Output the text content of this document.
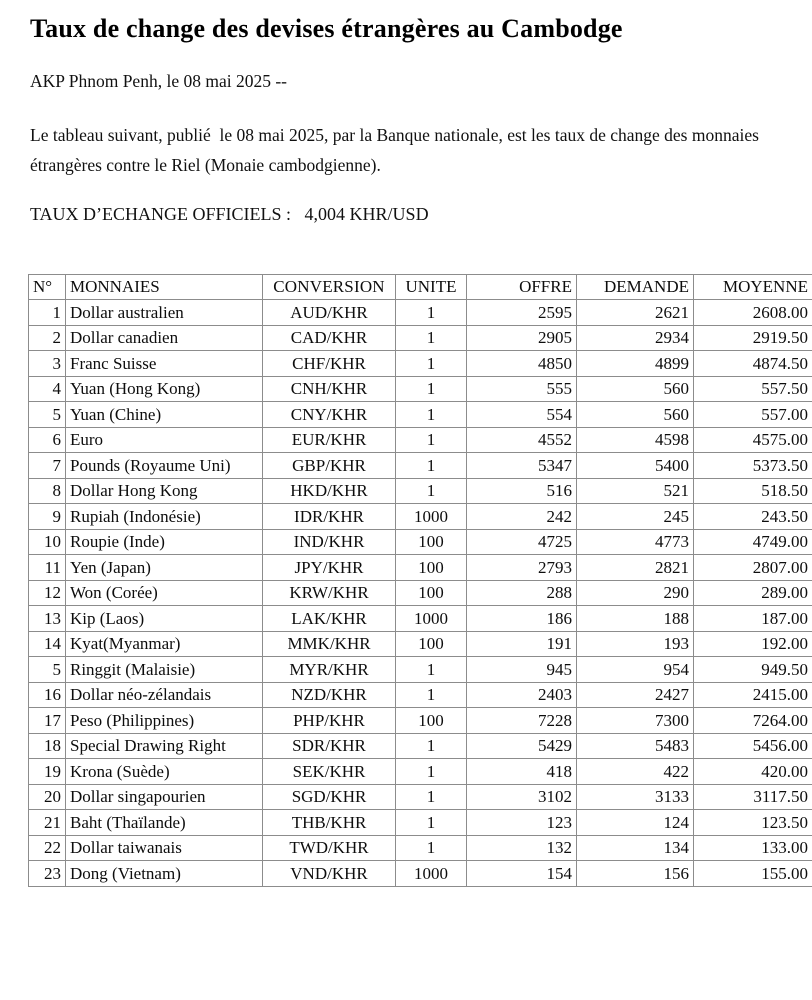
Taux de change des devises étrangères au Cambodge

AKP Phnom Penh, le 08 mai 2025 --

Le tableau suivant, publié  le 08 mai 2025, par la Banque nationale, est les taux de change des monnaies étrangères contre le Riel (Monaie cambodgienne).

TAUX D’ECHANGE OFFICIELS :   4,004 KHR/USD

N°	MONNAIES	CONVERSION	UNITE	OFFRE	DEMANDE	MOYENNE
1	Dollar australien	AUD/KHR	1	2595	2621	2608.00
2	Dollar canadien	CAD/KHR	1	2905	2934	2919.50
3	Franc Suisse	CHF/KHR	1	4850	4899	4874.50
4	Yuan (Hong Kong)	CNH/KHR	1	555	560	557.50
5	Yuan (Chine)	CNY/KHR	1	554	560	557.00
6	Euro	EUR/KHR	1	4552	4598	4575.00
7	Pounds (Royaume Uni)	GBP/KHR	1	5347	5400	5373.50
8	Dollar Hong Kong	HKD/KHR	1	516	521	518.50
9	Rupiah (Indonésie)	IDR/KHR	1000	242	245	243.50
10	Roupie (Inde)	IND/KHR	100	4725	4773	4749.00
11	Yen (Japan)	JPY/KHR	100	2793	2821	2807.00
12	Won (Corée)	KRW/KHR	100	288	290	289.00
13	Kip (Laos)	LAK/KHR	1000	186	188	187.00
14	Kyat(Myanmar)	MMK/KHR	100	191	193	192.00
5	Ringgit (Malaisie)	MYR/KHR	1	945	954	949.50
16	Dollar néo-zélandais	NZD/KHR	1	2403	2427	2415.00
17	Peso (Philippines)	PHP/KHR	100	7228	7300	7264.00
18	Special Drawing Right	SDR/KHR	1	5429	5483	5456.00
19	Krona (Suède)	SEK/KHR	1	418	422	420.00
20	Dollar singapourien	SGD/KHR	1	3102	3133	3117.50
21	Baht (Thaïlande)	THB/KHR	1	123	124	123.50
22	Dollar taiwanais	TWD/KHR	1	132	134	133.00
23	Dong (Vietnam)	VND/KHR	1000	154	156	155.00
